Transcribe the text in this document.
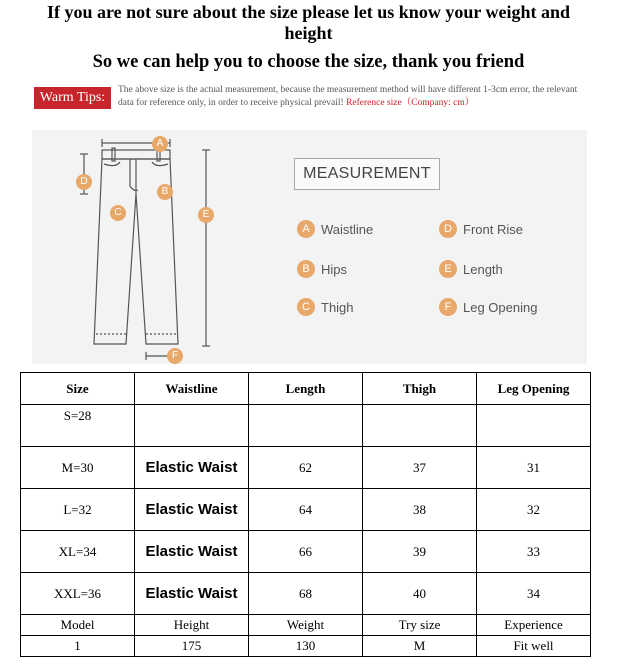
If you are not sure about the size please let us know your weight and height
So we can help you to choose the size, thank you friend
Warm Tips:	The above size is the actual measurement, because the measurement method will have different 1-3cm error, the relevant data for reference only, in order to receive physical prevail! Reference size（Company: cm）
A
B
C
D
E
F
MEASUREMENT
A Waistline	D Front Rise
B Hips	E Length
C Thigh	F Leg Opening
Size	Waistline	Length	Thigh	Leg Opening
S=28				
M=30	Elastic Waist	62	37	31
L=32	Elastic Waist	64	38	32
XL=34	Elastic Waist	66	39	33
XXL=36	Elastic Waist	68	40	34
Model	Height	Weight	Try size	Experience
1	175	130	M	Fit well
